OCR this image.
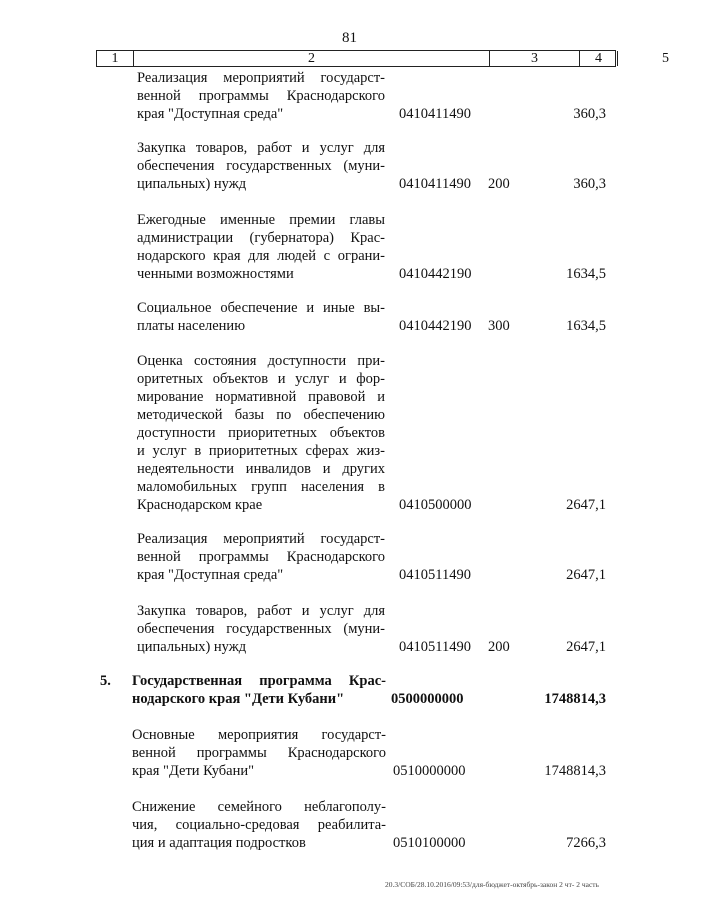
81
1	2	3	4	5
Реализация мероприятий государст-
венной программы Краснодарского
края "Доступная среда"	0410411490	360,3
Закупка товаров, работ и услуг для
обеспечения государственных (муни-
ципальных) нужд	0410411490 200	360,3
Ежегодные именные премии главы
администрации (губернатора) Крас-
нодарского края для людей с ограни-
ченными возможностями	0410442190	1634,5
Социальное обеспечение и иные вы-
платы населению	0410442190 300	1634,5
Оценка состояния доступности при-
оритетных объектов и услуг и фор-
мирование нормативной правовой и
методической базы по обеспечению
доступности приоритетных объектов
и услуг в приоритетных сферах жиз-
недеятельности инвалидов и других
маломобильных групп населения в
Краснодарском крае	0410500000	2647,1
Реализация мероприятий государст-
венной программы Краснодарского
края "Доступная среда"	0410511490	2647,1
Закупка товаров, работ и услуг для
обеспечения государственных (муни-
ципальных) нужд	0410511490 200	2647,1
5. Государственная программа Крас-
нодарского края "Дети Кубани"	0500000000	1748814,3
Основные мероприятия государст-
венной программы Краснодарского
края "Дети Кубани"	0510000000	1748814,3
Снижение семейного неблагополу-
чия, социально-средовая реабилита-
ция и адаптация подростков	0510100000	7266,3
20.3/СОБ/28.10.2016/09:53/для-бюджет-октябрь-закон 2 чт- 2 часть
